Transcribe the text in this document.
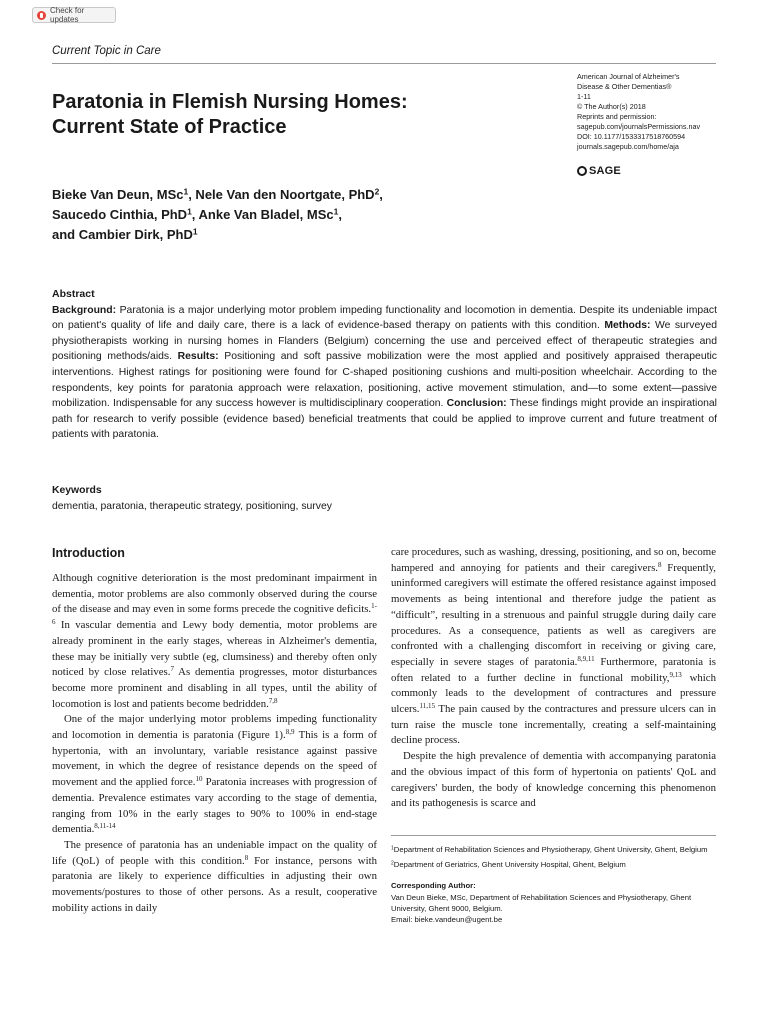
Check for updates
Current Topic in Care
Paratonia in Flemish Nursing Homes:
Current State of Practice
American Journal of Alzheimer's
Disease & Other Dementias®
1-11
© The Author(s) 2018
Reprints and permission:
sagepub.com/journalsPermissions.nav
DOI: 10.1177/1533317518760594
journals.sagepub.com/home/aja
SAGE
Bieke Van Deun, MSc$^1$, Nele Van den Noortgate, PhD$^2$,
Saucedo Cinthia, PhD$^1$, Anke Van Bladel, MSc$^1$,
and Cambier Dirk, PhD$^1$
Abstract
Background: Paratonia is a major underlying motor problem impeding functionality and locomotion in dementia. Despite its undeniable impact on patient's quality of life and daily care, there is a lack of evidence-based therapy on patients with this condition. Methods: We surveyed physiotherapists working in nursing homes in Flanders (Belgium) concerning the use and perceived effect of therapeutic strategies and positioning methods/aids. Results: Positioning and soft passive mobilization were the most applied and positively appraised therapeutic interventions. Highest ratings for positioning were found for C-shaped positioning cushions and multi-position wheelchair. According to the respondents, key points for paratonia approach were relaxation, positioning, active movement stimulation, and—to some extent—passive mobilization. Indispensable for any success however is multidisciplinary cooperation. Conclusion: These findings might provide an inspirational path for research to verify possible (evidence based) beneficial treatments that could be applied to improve current and future treatment of patients with paratonia.
Keywords
dementia, paratonia, therapeutic strategy, positioning, survey
Introduction

Although cognitive deterioration is the most predominant impairment in dementia, motor problems are also commonly observed during the course of the disease and may even in some forms precede the cognitive deficits.$^{1-6}$ In vascular dementia and Lewy body dementia, motor problems are already prominent in the early stages, whereas in Alzheimer's dementia, these may be initially very subtle (eg, clumsiness) and thereby often only noticed by close relatives.$^7$ As dementia progresses, motor disturbances become more prominent and disabling in all types, until the ability of locomotion is lost and patients become bedridden.$^{7,8}$

One of the major underlying motor problems impeding functionality and locomotion in dementia is paratonia (Figure 1).$^{8,9}$ This is a form of hypertonia, with an involuntary, variable resistance against passive movement, in which the degree of resistance depends on the speed of movement and the applied force.$^{10}$ Paratonia increases with progression of dementia. Prevalence estimates vary according to the stage of dementia, ranging from 10% in the early stages to 90% to 100% in end-stage dementia.$^{8,11-14}$

The presence of paratonia has an undeniable impact on the quality of life (QoL) of people with this condition.$^8$ For instance, persons with paratonia are likely to experience difficulties in adjusting their own movements/postures to those of other persons. As a result, cooperative mobility actions in daily

care procedures, such as washing, dressing, positioning, and so on, become hampered and annoying for patients and their caregivers.$^8$ Frequently, uninformed caregivers will estimate the offered resistance against imposed movements as being intentional and therefore judge the patient as “difficult”, resulting in a strenuous and painful struggle during daily care procedures. As a consequence, patients as well as caregivers are confronted with a challenging discomfort in receiving or giving care, especially in severe stages of paratonia.$^{8,9,11}$ Furthermore, paratonia is often related to a further decline in functional mobility,$^{9,13}$ which commonly leads to the development of contractures and pressure ulcers.$^{11,15}$ The pain caused by the contractures and pressure ulcers can in turn raise the muscle tone incrementally, creating a self-maintaining decline process.

Despite the high prevalence of dementia with accompanying paratonia and the obvious impact of this form of hypertonia on patients' QoL and caregivers' burden, the body of knowledge concerning this phenomenon and its pathogenesis is scarce and

$^1$Department of Rehabilitation Sciences and Physiotherapy, Ghent University, Ghent, Belgium
$^2$Department of Geriatrics, Ghent University Hospital, Ghent, Belgium
Corresponding Author:
Van Deun Bieke, MSc, Department of Rehabilitation Sciences and Physiotherapy, Ghent University, Ghent 9000, Belgium.
Email: bieke.vandeun@ugent.be
